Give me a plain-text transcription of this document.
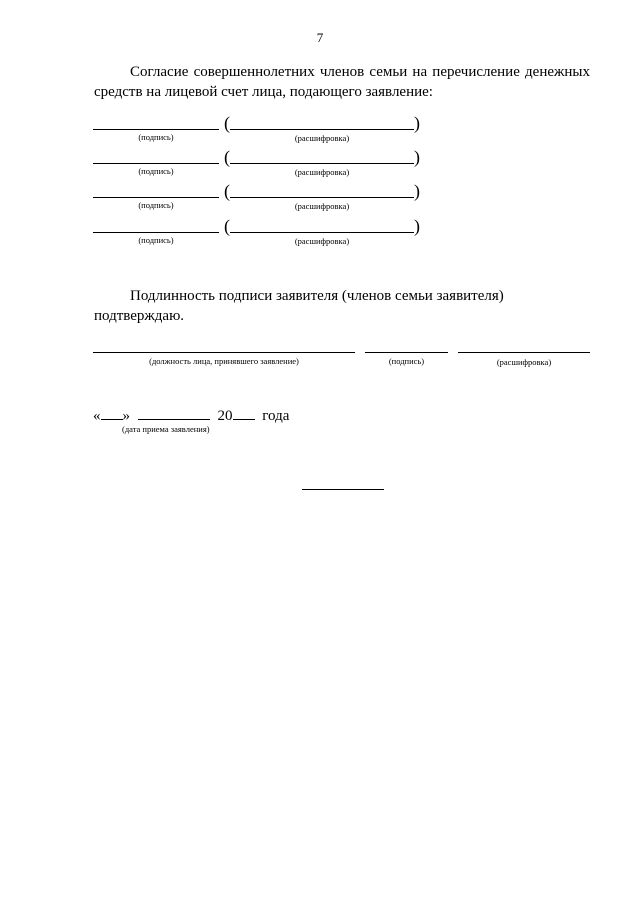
7
Согласие совершеннолетних членов семьи на перечисление денежных средств на лицевой счет лица, подающего заявление:
(	)
(подпись)	(расшифровка)
(	)
(подпись)	(расшифровка)
(	)
(подпись)	(расшифровка)
(	)
(подпись)	(расшифровка)
Подлинность подписи заявителя (членов семьи заявителя) подтверждаю.
(должность лица, принявшего заявление)	(подпись)	(расшифровка)
« »	20 года
(дата приема заявления)
